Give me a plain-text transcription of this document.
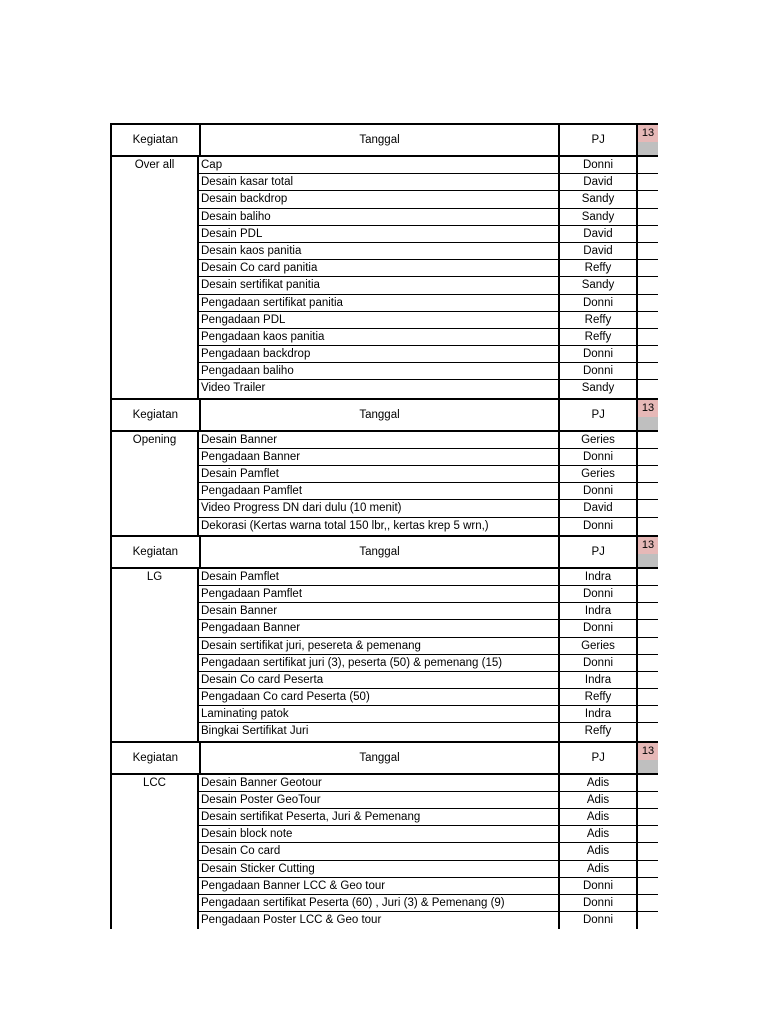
Kegiatan	Tanggal	PJ
13
Over all	Cap	Donni
Desain kasar total	David
Desain backdrop	Sandy
Desain baliho	Sandy
Desain PDL	David
Desain kaos panitia	David
Desain Co card panitia	Reffy
Desain sertifikat panitia	Sandy
Pengadaan sertifikat panitia	Donni
Pengadaan PDL	Reffy
Pengadaan kaos panitia	Reffy
Pengadaan backdrop	Donni
Pengadaan baliho	Donni
Video Trailer	Sandy
Kegiatan	Tanggal	PJ
13
Opening	Desain Banner	Geries
Pengadaan Banner	Donni
Desain Pamflet	Geries
Pengadaan Pamflet	Donni
Video Progress DN dari dulu (10 menit)	David
Dekorasi (Kertas warna total 150 lbr,, kertas krep 5 wrn,)	Donni
Kegiatan	Tanggal	PJ
13
LG	Desain Pamflet	Indra
Pengadaan Pamflet	Donni
Desain Banner	Indra
Pengadaan Banner	Donni
Desain sertifikat juri, pesereta & pemenang	Geries
Pengadaan sertifikat juri (3), peserta (50) & pemenang (15)	Donni
Desain Co card Peserta	Indra
Pengadaan Co card Peserta (50)	Reffy
Laminating patok	Indra
Bingkai Sertifikat Juri	Reffy
Kegiatan	Tanggal	PJ
13
LCC	Desain Banner Geotour	Adis
Desain Poster GeoTour	Adis
Desain sertifikat Peserta, Juri & Pemenang	Adis
Desain block note	Adis
Desain Co card	Adis
Desain Sticker Cutting	Adis
Pengadaan Banner LCC & Geo tour	Donni
Pengadaan sertifikat Peserta (60) , Juri (3) & Pemenang (9)	Donni
Pengadaan Poster LCC & Geo tour	Donni
